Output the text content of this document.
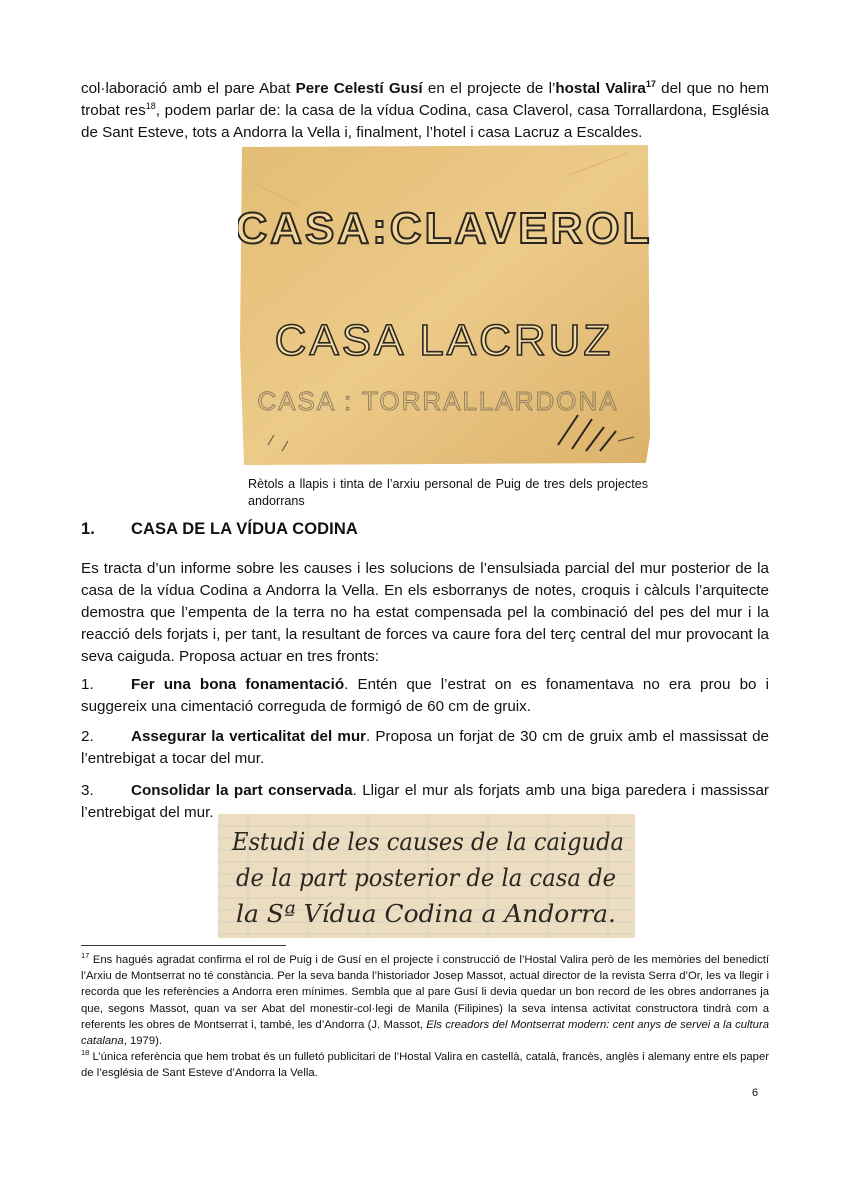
col·laboració amb el pare Abat Pere Celestí Gusí en el projecte de l’hostal Valira$^{17}$ del que no hem trobat res$^{18}$, podem parlar de: la casa de la vídua Codina, casa Claverol, casa Torrallardona, Església de Sant Esteve, tots a Andorra la Vella i, finalment, l’hotel i casa Lacruz a Escaldes.

CASA:CLAVEROL
CASA LACRUZ
CASA : TORRALLARDONA
Rètols a llapis i tinta de l’arxiu personal de Puig de tres dels projectes andorrans
1. CASA DE LA VÍDUA CODINA

Es tracta d’un informe sobre les causes i les solucions de l’ensulsiada parcial del mur posterior de la casa de la vídua Codina a Andorra la Vella. En els esborranys de notes, croquis i càlculs l’arquitecte demostra que l’empenta de la terra no ha estat compensada pel la combinació del pes del mur i la reacció dels forjats i, per tant, la resultant de forces va caure fora del terç central del mur provocant la seva caiguda. Proposa actuar en tres fronts:

1. Fer una bona fonamentació. Entén que l’estrat on es fonamentava no era prou bo i suggereix una cimentació correguda de formigó de 60 cm de gruix.

2. Assegurar la verticalitat del mur. Proposa un forjat de 30 cm de gruix amb el massissat de l’entrebigat a tocar del mur.

3. Consolidar la part conservada. Lligar el mur als forjats amb una biga paredera i massissar l’entrebigat del mur.

Estudi de les causes de la caiguda
de la part posterior de la casa de
la Sª Vídua Codina a Andorra.

$^{17}$ Ens hagués agradat confirma el rol de Puig i de Gusí en el projecte i construcció de l’Hostal Valira però de les memòries del benedictí l’Arxiu de Montserrat no té constància. Per la seva banda l’historiador Josep Massot, actual director de la revista Serra d’Or, les va llegir i recorda que les referències a Andorra eren mínimes. Sembla que al pare Gusí li devia quedar un bon record de les obres andorranes ja que, segons Massot, quan va ser Abat del monestir-col·legi de Manila (Filipines) la seva intensa activitat constructora tindrà com a referents les obres de Montserrat i, també, les d’Andorra (J. Massot, Els creadors del Montserrat modern: cent anys de servei a la cultura catalana, 1979).

$^{18}$ L’única referència que hem trobat és un fulletó publicitari de l’Hostal Valira en castellà, català, francès, anglès i alemany entre els paper de l’església de Sant Esteve d’Andorra la Vella.

6
